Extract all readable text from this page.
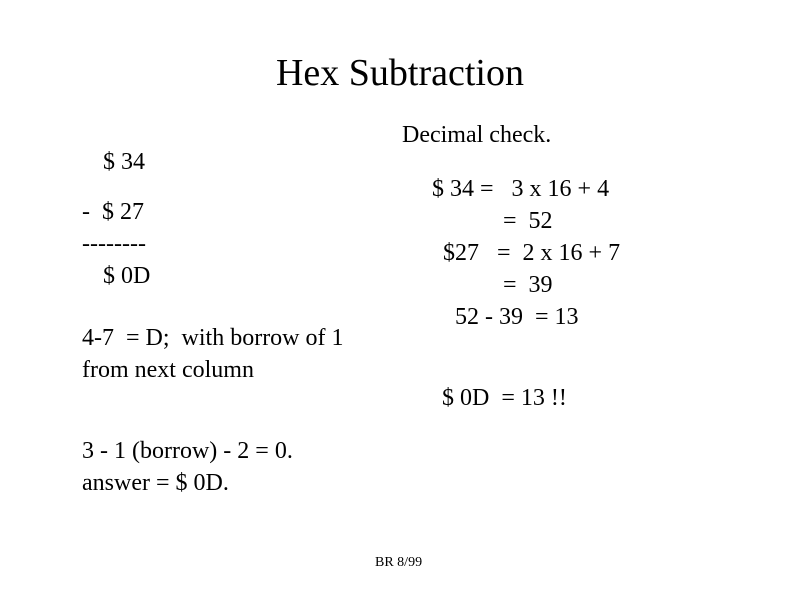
Hex Subtraction
$ 34
-  $ 27
--------
$ 0D
4-7  = D;  with borrow of 1
from next column
3 - 1 (borrow) - 2 = 0.
answer = $ 0D.
Decimal check.
$ 34 =   3 x 16 + 4
=  52
$27   =  2 x 16 + 7
=  39
52 - 39  = 13
$ 0D  = 13 !!
BR 8/99
